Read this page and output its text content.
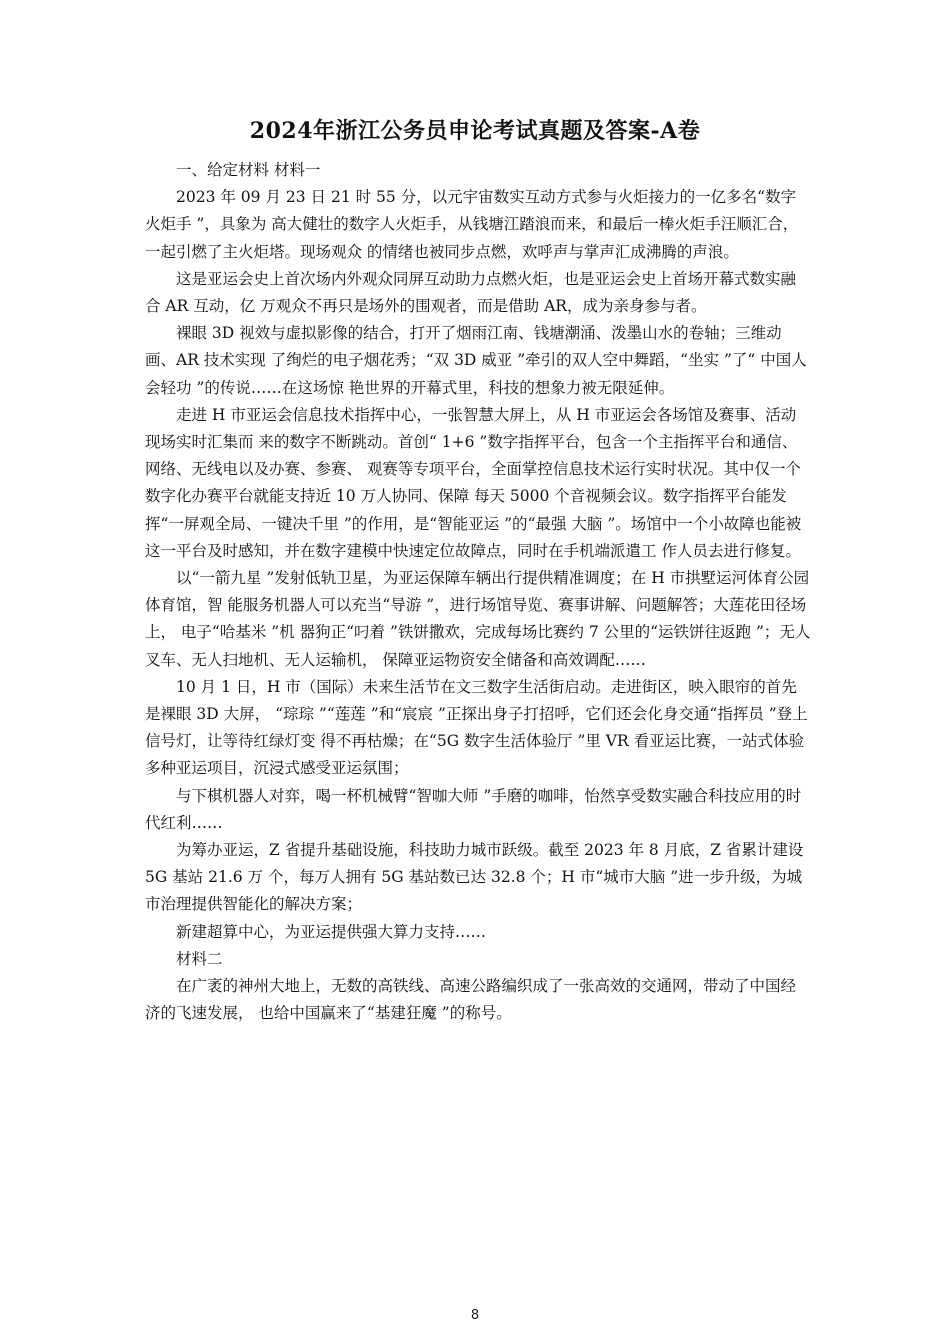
2024年浙江公务员申论考试真题及答案-A卷

一、给定材料 材料一

2023 年 09 月 23 日 21 时 55 分，以元宇宙数实互动方式参与火炬接力的一亿多名“数字火炬手 ”，具象为 高大健壮的数字人火炬手，从钱塘江踏浪而来，和最后一棒火炬手汪顺汇合，一起引燃了主火炬塔。现场观众 的情绪也被同步点燃，欢呼声与掌声汇成沸腾的声浪。

这是亚运会史上首次场内外观众同屏互动助力点燃火炬，也是亚运会史上首场开幕式数实融合 AR 互动，亿 万观众不再只是场外的围观者，而是借助 AR，成为亲身参与者。

裸眼 3D 视效与虚拟影像的结合，打开了烟雨江南、钱塘潮涌、泼墨山水的卷轴；三维动画、AR 技术实现 了绚烂的电子烟花秀；“双 3D 威亚 ”牵引的双人空中舞蹈，“坐实 ”了“ 中国人会轻功 ”的传说……在这场惊 艳世界的开幕式里，科技的想象力被无限延伸。

走进 H 市亚运会信息技术指挥中心，一张智慧大屏上，从 H 市亚运会各场馆及赛事、活动现场实时汇集而 来的数字不断跳动。首创“ 1+6 ”数字指挥平台，包含一个主指挥平台和通信、网络、无线电以及办赛、参赛、 观赛等专项平台，全面掌控信息技术运行实时状况。其中仅一个数字化办赛平台就能支持近 10 万人协同、保障 每天 5000 个音视频会议。数字指挥平台能发挥“一屏观全局、一键决千里 ”的作用，是“智能亚运 ”的“最强 大脑 ”。场馆中一个小故障也能被这一平台及时感知，并在数字建模中快速定位故障点，同时在手机端派遣工 作人员去进行修复。

以“一箭九星 ”发射低轨卫星，为亚运保障车辆出行提供精准调度；在 H 市拱墅运河体育公园体育馆，智 能服务机器人可以充当“导游 ”，进行场馆导览、赛事讲解、问题解答；大莲花田径场上， 电子“哈基米 ”机 器狗正“叼着 ”铁饼撒欢，完成每场比赛约 7 公里的“运铁饼往返跑 ”；无人叉车、无人扫地机、无人运输机， 保障亚运物资安全储备和高效调配……

10 月 1 日，H 市（国际）未来生活节在文三数字生活街启动。走进街区，映入眼帘的首先是裸眼 3D 大屏， “琮琮 ”“莲莲 ”和“宸宸 ”正探出身子打招呼，它们还会化身交通“指挥员 ”登上信号灯，让等待红绿灯变 得不再枯燥；在“5G 数字生活体验厅 ”里 VR 看亚运比赛，一站式体验多种亚运项目，沉浸式感受亚运氛围；

与下棋机器人对弈，喝一杯机械臂“智咖大师 ”手磨的咖啡，怡然享受数实融合科技应用的时代红利……

为筹办亚运，Z 省提升基础设施，科技助力城市跃级。截至 2023 年 8 月底，Z 省累计建设 5G 基站 21.6 万 个，每万人拥有 5G 基站数已达 32.8 个；H 市“城市大脑 ”进一步升级，为城市治理提供智能化的解决方案；

新建超算中心，为亚运提供强大算力支持……

材料二

在广袤的神州大地上，无数的高铁线、高速公路编织成了一张高效的交通网，带动了中国经济的飞速发展， 也给中国赢来了“基建狂魔 ”的称号。

8
